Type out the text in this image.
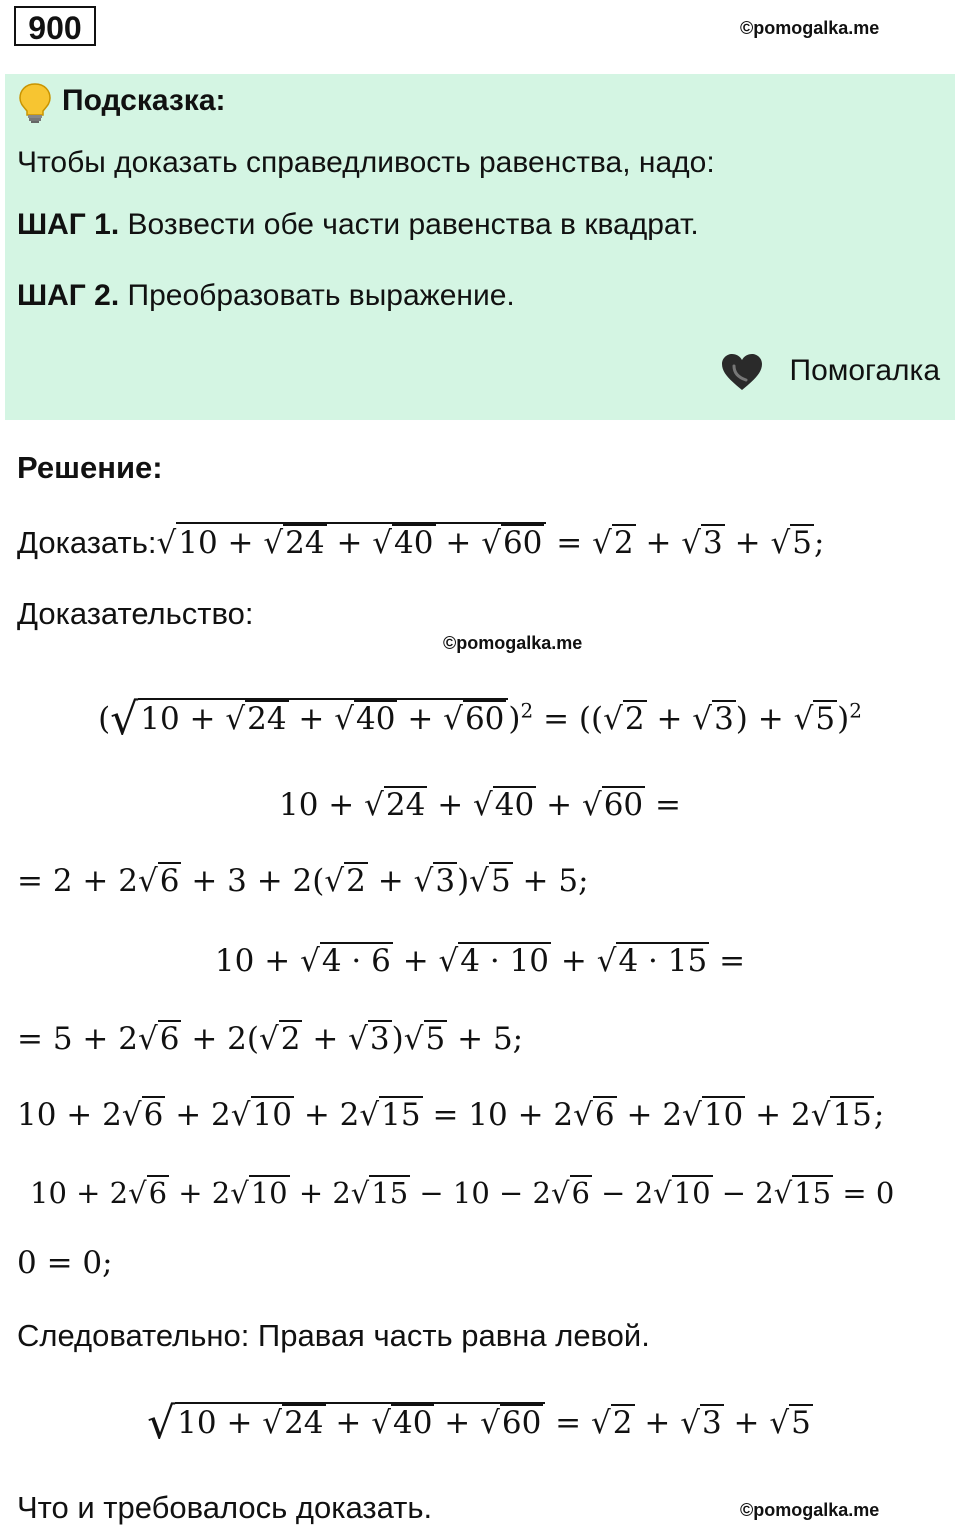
900	©pomogalka.me
Подсказка:
Чтобы доказать справедливость равенства, надо:
ШАГ 1. Возвести обе части равенства в квадрат.
ШАГ 2. Преобразовать выражение.
Помогалка
Решение:
Доказать:√10 + √24 + √40 + √60 = √2 + √3 + √5;
Доказательство:
©pomogalka.me
(√10 + √24 + √40 + √60 )$^2 = ((√2 + √3) + √5)^2$
10 + √24 + √40 + √60 =
= 2 + 2√6 + 3 + 2(√2 + √3)√5 + 5;
10 + √4 · 6 + √4 · 10 + √4 · 15 =
= 5 + 2√6 + 2(√2 + √3)√5 + 5;
10 + 2√6 + 2√10 + 2√15 = 10 + 2√6 + 2√10 + 2√15;
10 + 2√6 + 2√10 + 2√15 − 10 − 2√6 − 2√10 − 2√15 = 0
0 = 0;
Следовательно: Правая часть равна левой.
√10 + √24 + √40 + √60 = √2 + √3 + √5
Что и требовалось доказать.	©pomogalka.me
